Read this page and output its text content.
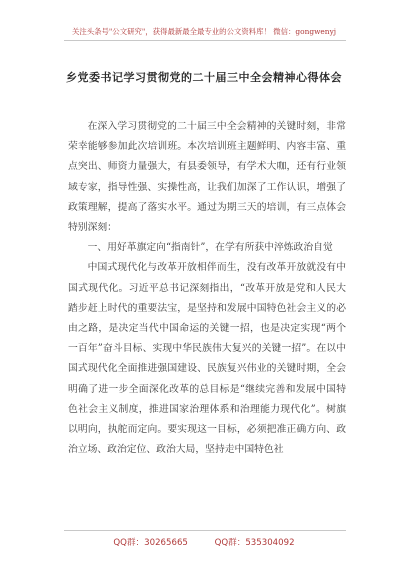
关注头条号"公文研究"，获得最新最全最专业的公文资料库！ 微信：gongwenyj
乡党委书记学习贯彻党的二十届三中全会精神心得体会

在深入学习贯彻党的二十届三中全会精神的关键时刻，非常荣幸能够参加此次培训班。本次培训班主题鲜明、内容丰富、重点突出、师资力量强大，有县委领导，有学术大咖，还有行业领域专家，指导性强、实操性高，让我们加深了工作认识，增强了政策理解，提高了落实水平。通过为期三天的培训，有三点体会特别深刻：

一、用好革旗定向“指南针”，在学有所获中淬炼政治自觉

中国式现代化与改革开放相伴而生，没有改革开放就没有中国式现代化。习近平总书记深刻指出，“改革开放是党和人民大踏步赶上时代的重要法宝，是坚持和发展中国特色社会主义的必由之路，是决定当代中国命运的关键一招，也是决定实现“两个一百年”奋斗目标、实现中华民族伟大复兴的关键一招”。在以中国式现代化全面推进强国建设、民族复兴伟业的关键时期，全会明确了进一步全面深化改革的总目标是“继续完善和发展中国特色社会主义制度，推进国家治理体系和治理能力现代化”。树旗以明向，执舵而定向。要实现这一目标，必须把准正确方向、政治立场、政治定位、政治大局，坚持走中国特色社

QQ群：30265665	QQ群：535304092
